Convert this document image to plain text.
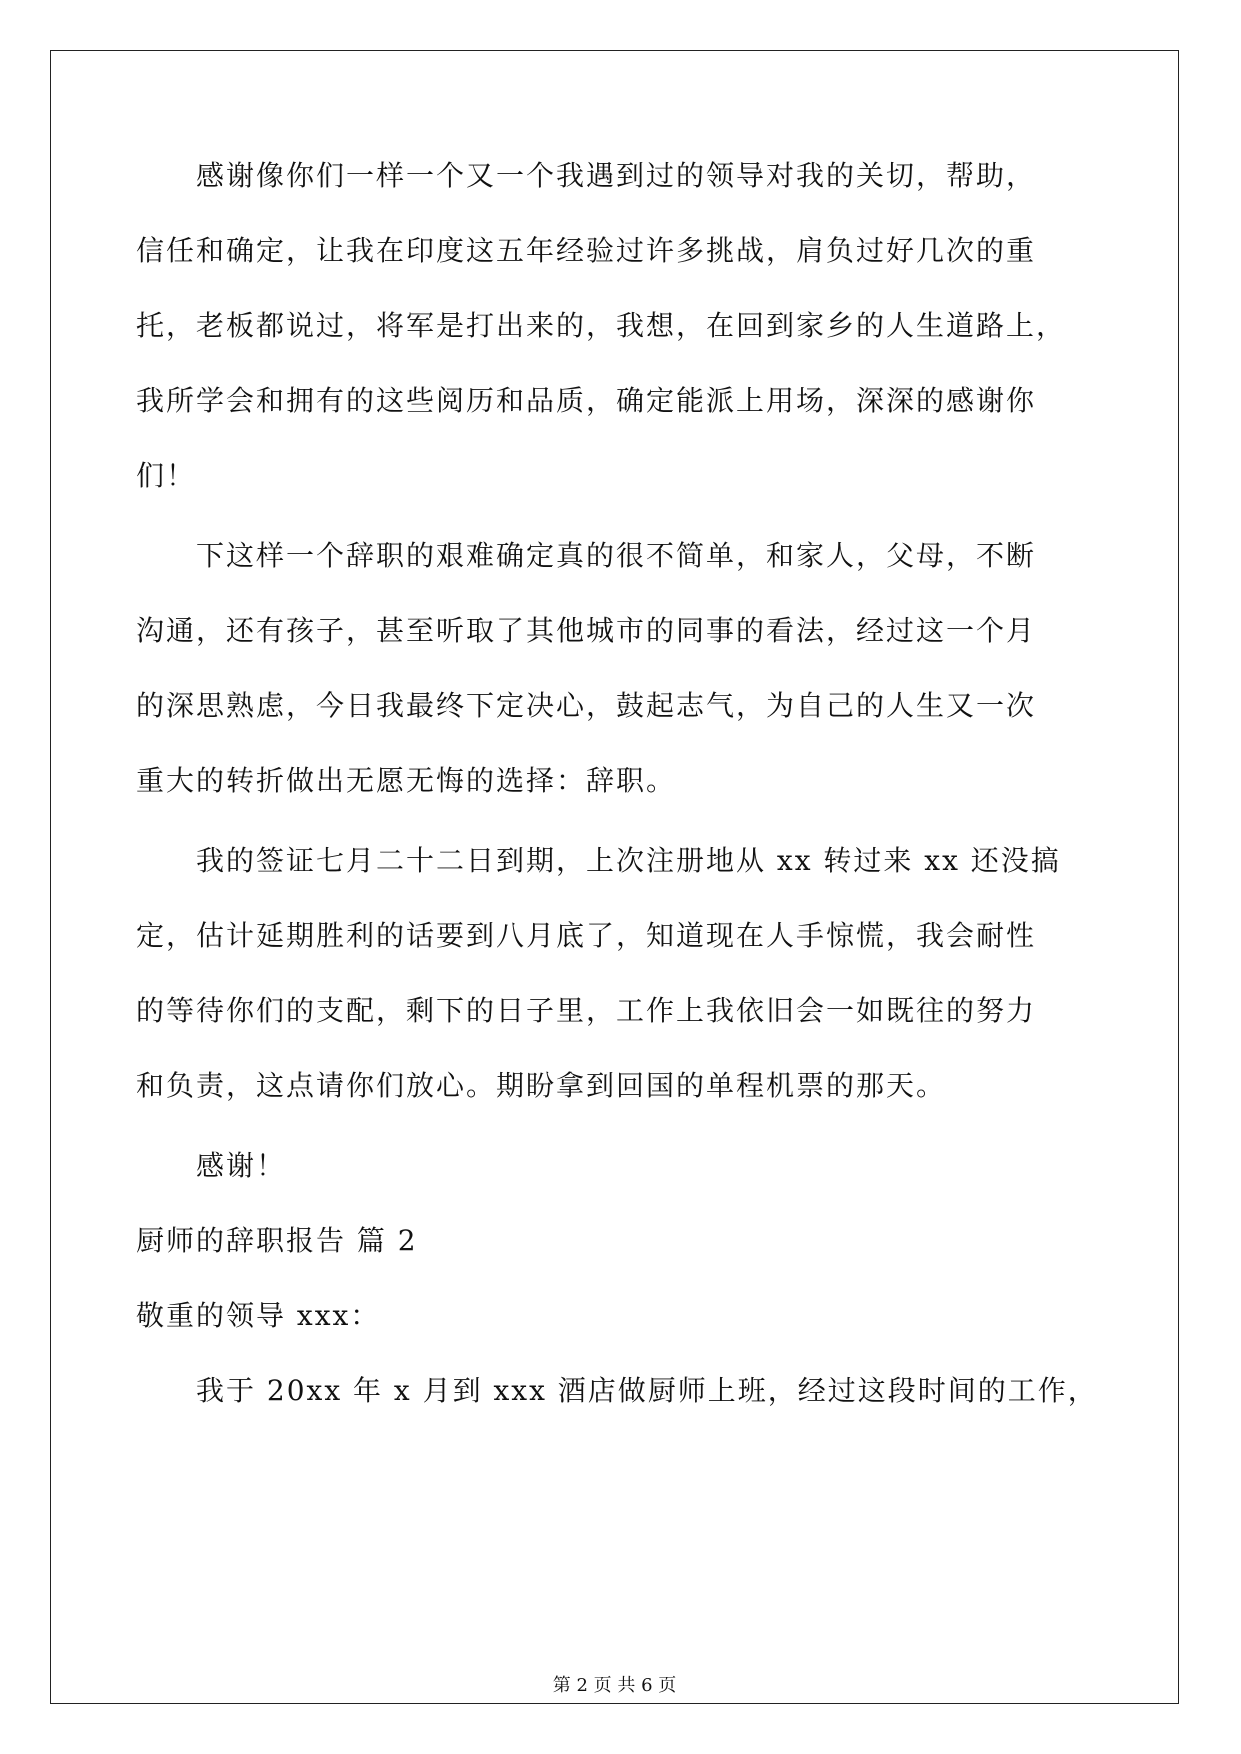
感谢像你们一样一个又一个我遇到过的领导对我的关切，帮助，
信任和确定，让我在印度这五年经验过许多挑战，肩负过好几次的重
托，老板都说过，将军是打出来的，我想，在回到家乡的人生道路上，
我所学会和拥有的这些阅历和品质，确定能派上用场，深深的感谢你
们！
下这样一个辞职的艰难确定真的很不简单，和家人，父母，不断
沟通，还有孩子，甚至听取了其他城市的同事的看法，经过这一个月
的深思熟虑，今日我最终下定决心，鼓起志气，为自己的人生又一次
重大的转折做出无愿无悔的选择：辞职。
我的签证七月二十二日到期，上次注册地从 xx 转过来 xx 还没搞
定，估计延期胜利的话要到八月底了，知道现在人手惊慌，我会耐性
的等待你们的支配，剩下的日子里，工作上我依旧会一如既往的努力
和负责，这点请你们放心。期盼拿到回国的单程机票的那天。
感谢！
厨师的辞职报告 篇 2
敬重的领导 xxx：
我于 20xx 年 x 月到 xxx 酒店做厨师上班，经过这段时间的工作，
第 2 页 共 6 页
